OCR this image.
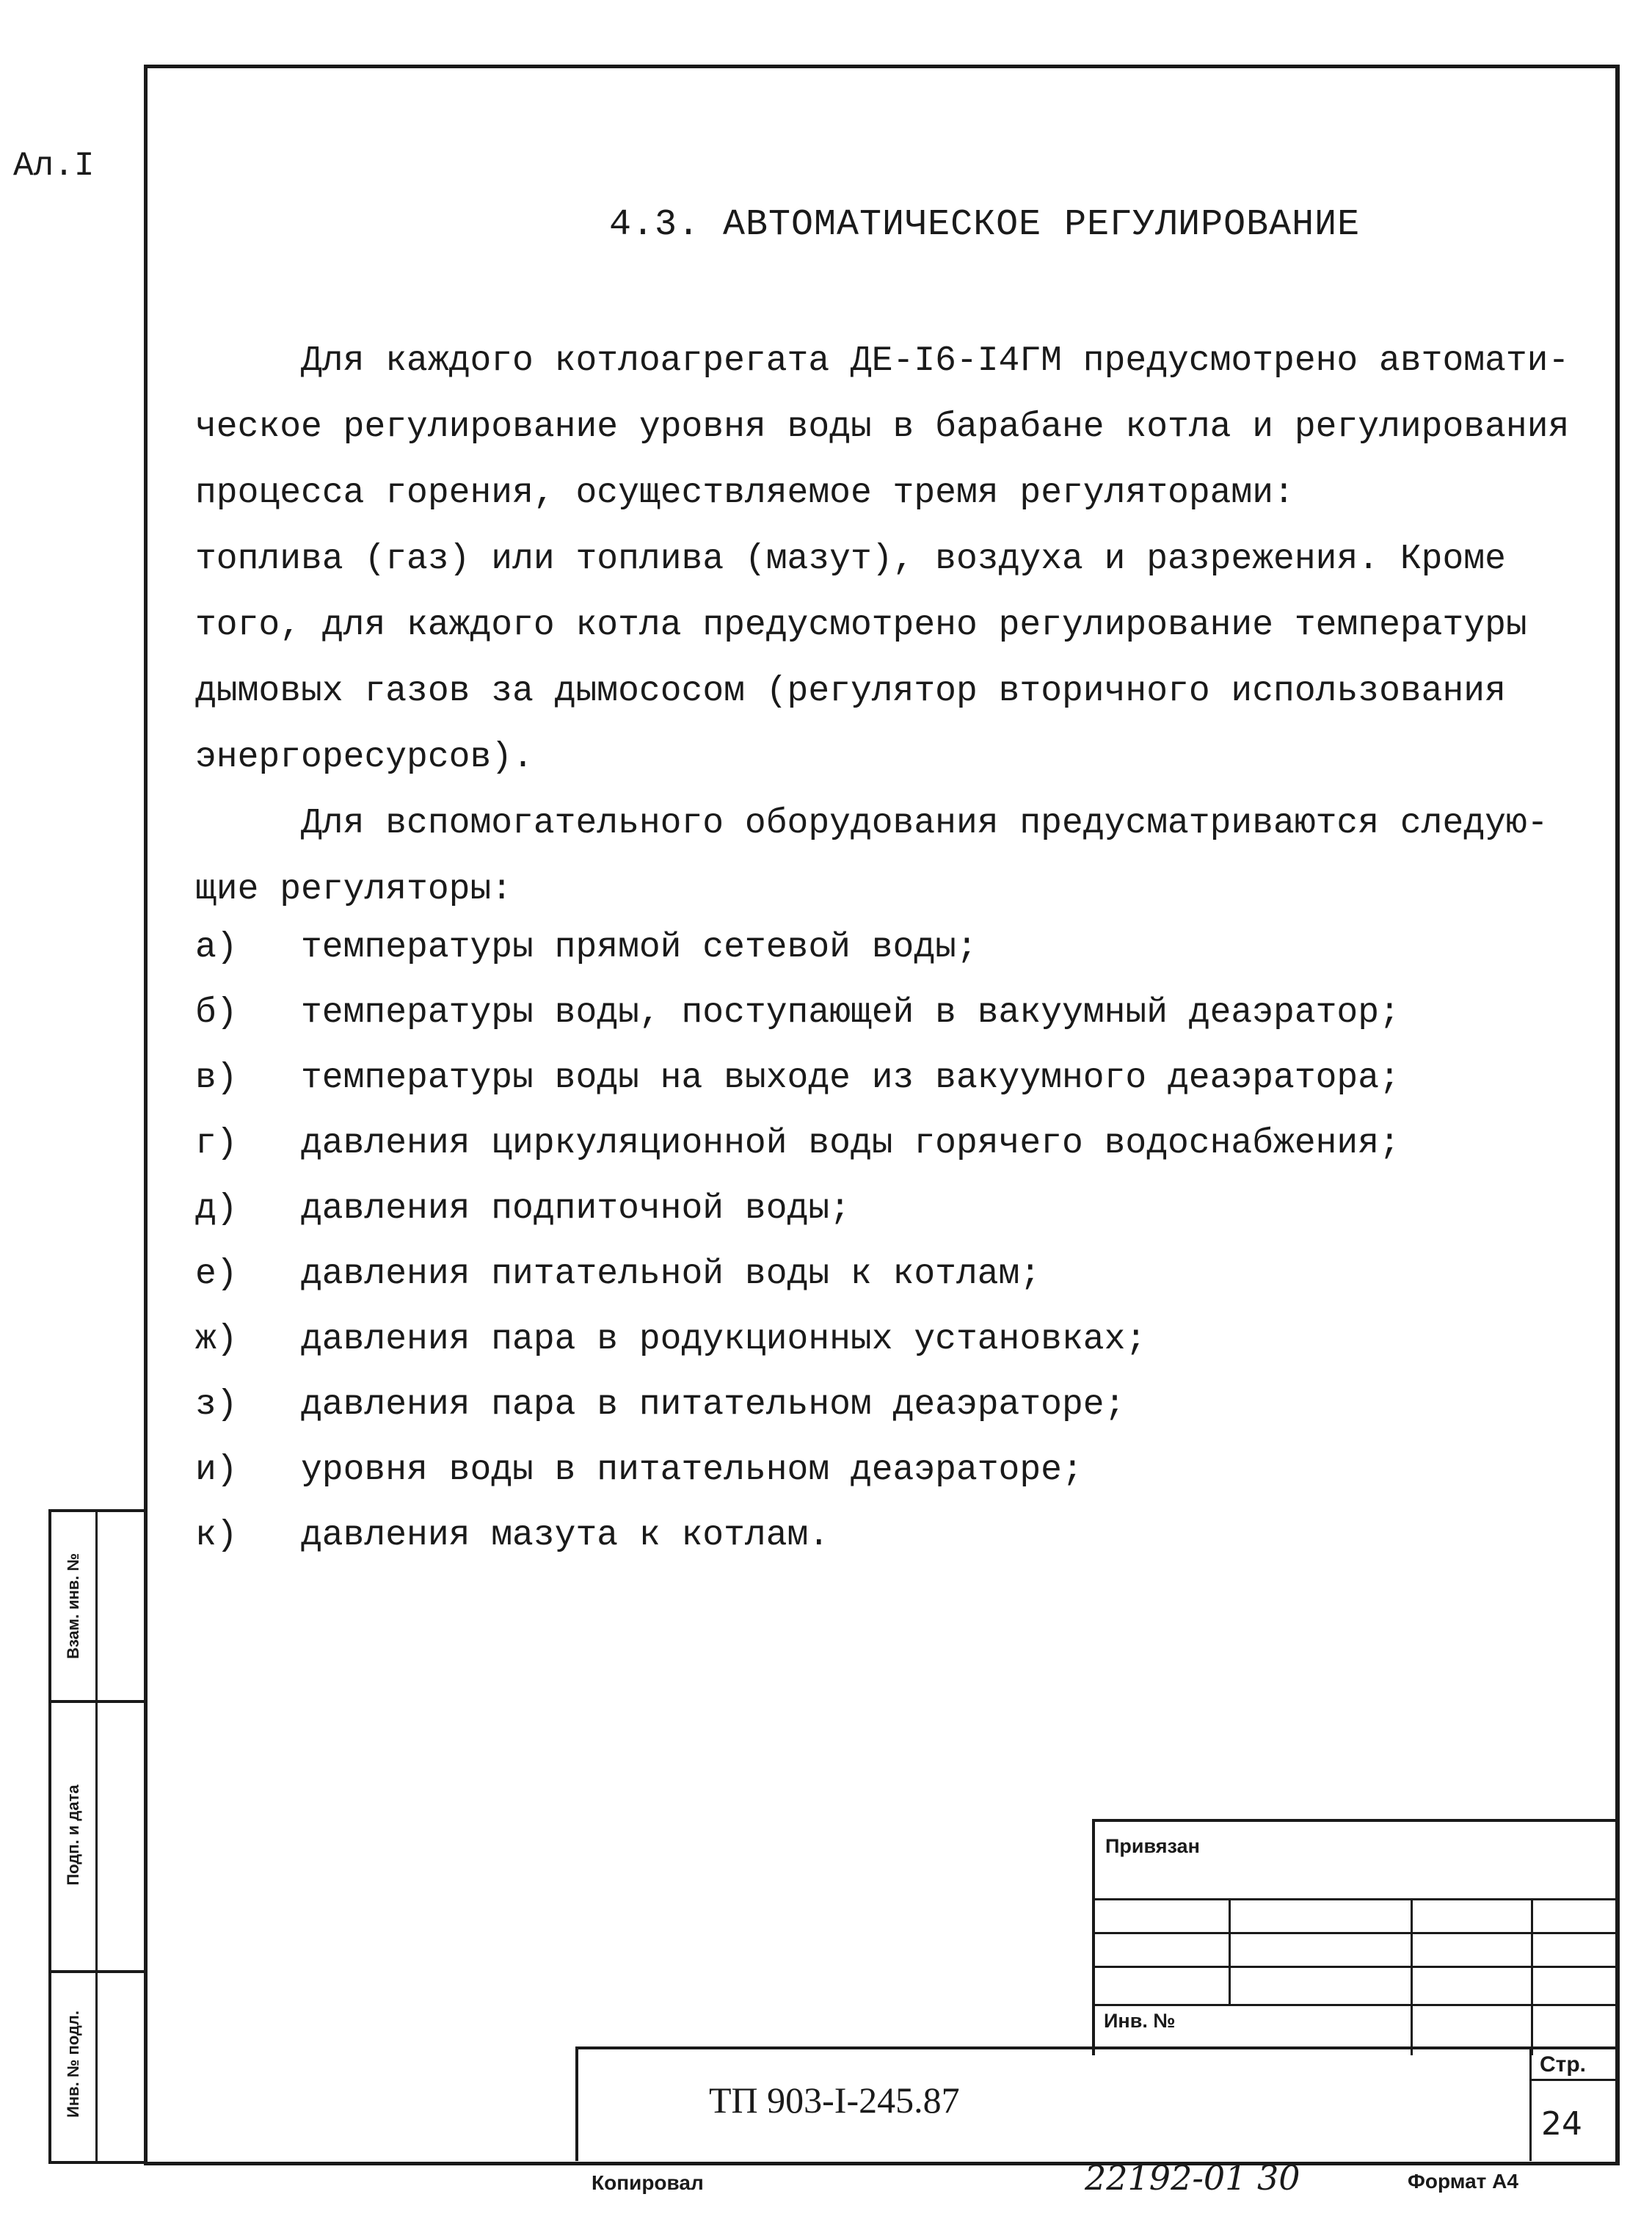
Ал.I
4.3. АВТОМАТИЧЕСКОЕ РЕГУЛИРОВАНИЕ
Для каждого котлоагрегата ДЕ-I6-I4ГМ предусмотрено автомати-
ческое регулирование уровня воды в барабане котла и регулирования
процесса горения, осуществляемое тремя регуляторами:
топлива (газ) или топлива (мазут), воздуха и разрежения. Кроме
того, для каждого котла предусмотрено регулирование температуры
дымовых газов за дымососом (регулятор вторичного использования
энергоресурсов).
Для вспомогательного оборудования предусматриваются следую-
щие регуляторы:
а)	температуры прямой сетевой воды;
б)	температуры воды, поступающей в вакуумный деаэратор;
в)	температуры воды на выходе из вакуумного деаэратора;
г)	давления циркуляционной воды горячего водоснабжения;
д)	давления подпиточной воды;
е)	давления питательной воды к котлам;
ж)	давления пара в родукционных установках;
з)	давления пара в питательном деаэраторе;
и)	уровня воды в питательном деаэраторе;
к)	давления мазута к котлам.
Взам. инв. №
Подп. и дата
Инв. № подл.
Привязан
Инв. №
Стр.
ТП 903-I-245.87
24
Копировал	22192-01 30	Формат А4
